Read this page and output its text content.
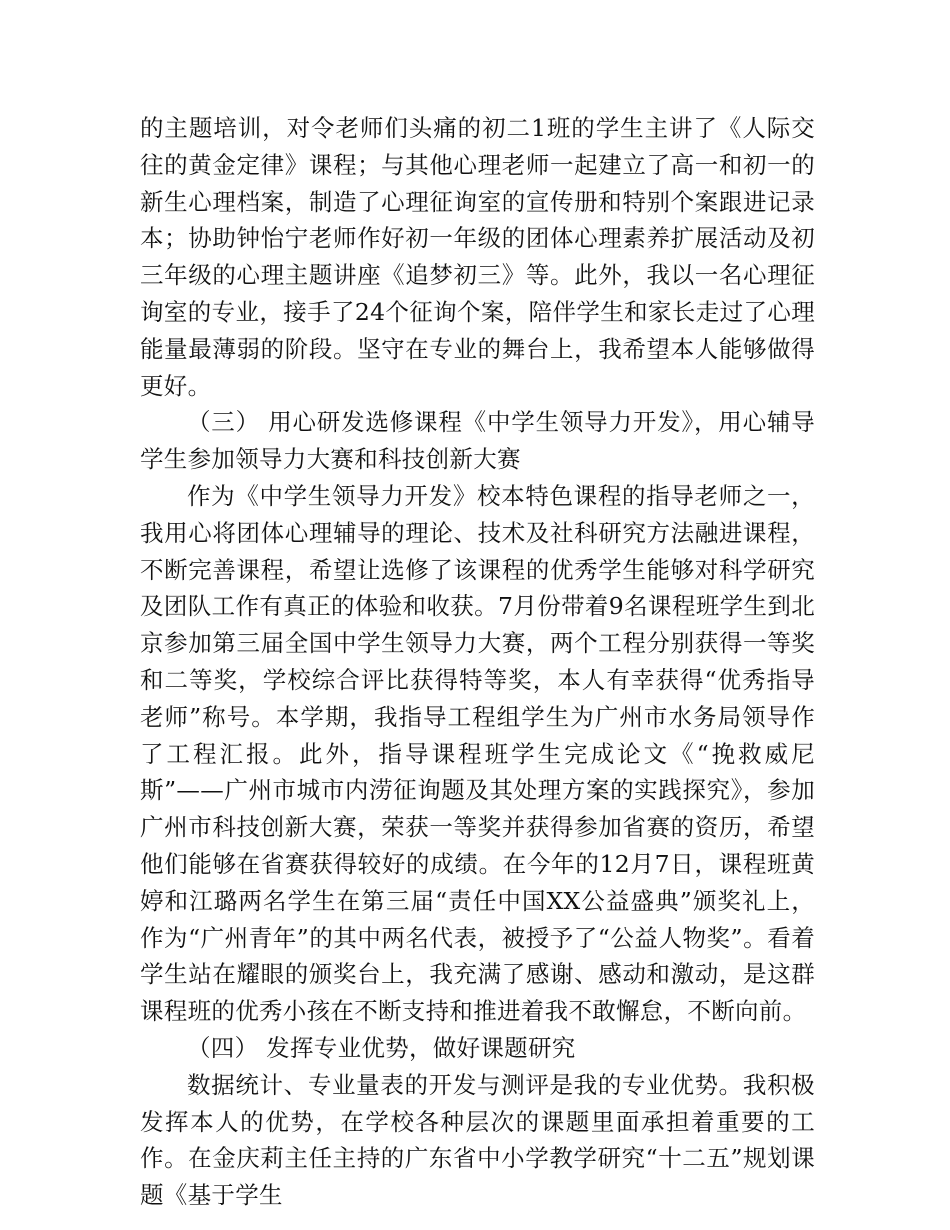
的主题培训，对令老师们头痛的初二1班的学生主讲了《人际交往的黄金定律》课程；与其他心理老师一起建立了高一和初一的新生心理档案，制造了心理征询室的宣传册和特别个案跟进记录本；协助钟怡宁老师作好初一年级的团体心理素养扩展活动及初三年级的心理主题讲座《追梦初三》等。此外，我以一名心理征询室的专业，接手了24个征询个案，陪伴学生和家长走过了心理能量最薄弱的阶段。坚守在专业的舞台上，我希望本人能够做得更好。

（三） 用心研发选修课程《中学生领导力开发》，用心辅导学生参加领导力大赛和科技创新大赛

作为《中学生领导力开发》校本特色课程的指导老师之一，我用心将团体心理辅导的理论、技术及社科研究方法融进课程，不断完善课程，希望让选修了该课程的优秀学生能够对科学研究及团队工作有真正的体验和收获。7月份带着9名课程班学生到北京参加第三届全国中学生领导力大赛，两个工程分别获得一等奖和二等奖，学校综合评比获得特等奖，本人有幸获得“优秀指导老师”称号。本学期，我指导工程组学生为广州市水务局领导作了工程汇报。此外，指导课程班学生完成论文《“挽救威尼斯”——广州市城市内涝征询题及其处理方案的实践探究》，参加广州市科技创新大赛，荣获一等奖并获得参加省赛的资历，希望他们能够在省赛获得较好的成绩。在今年的12月7日，课程班黄婷和江璐两名学生在第三届“责任中国XX公益盛典”颁奖礼上，作为“广州青年”的其中两名代表，被授予了“公益人物奖”。看着学生站在耀眼的颁奖台上，我充满了感谢、感动和激动，是这群课程班的优秀小孩在不断支持和推进着我不敢懈怠，不断向前。

（四） 发挥专业优势，做好课题研究

数据统计、专业量表的开发与测评是我的专业优势。我积极发挥本人的优势，在学校各种层次的课题里面承担着重要的工作。在金庆莉主任主持的广东省中小学教学研究“十二五”规划课题《基于学生
